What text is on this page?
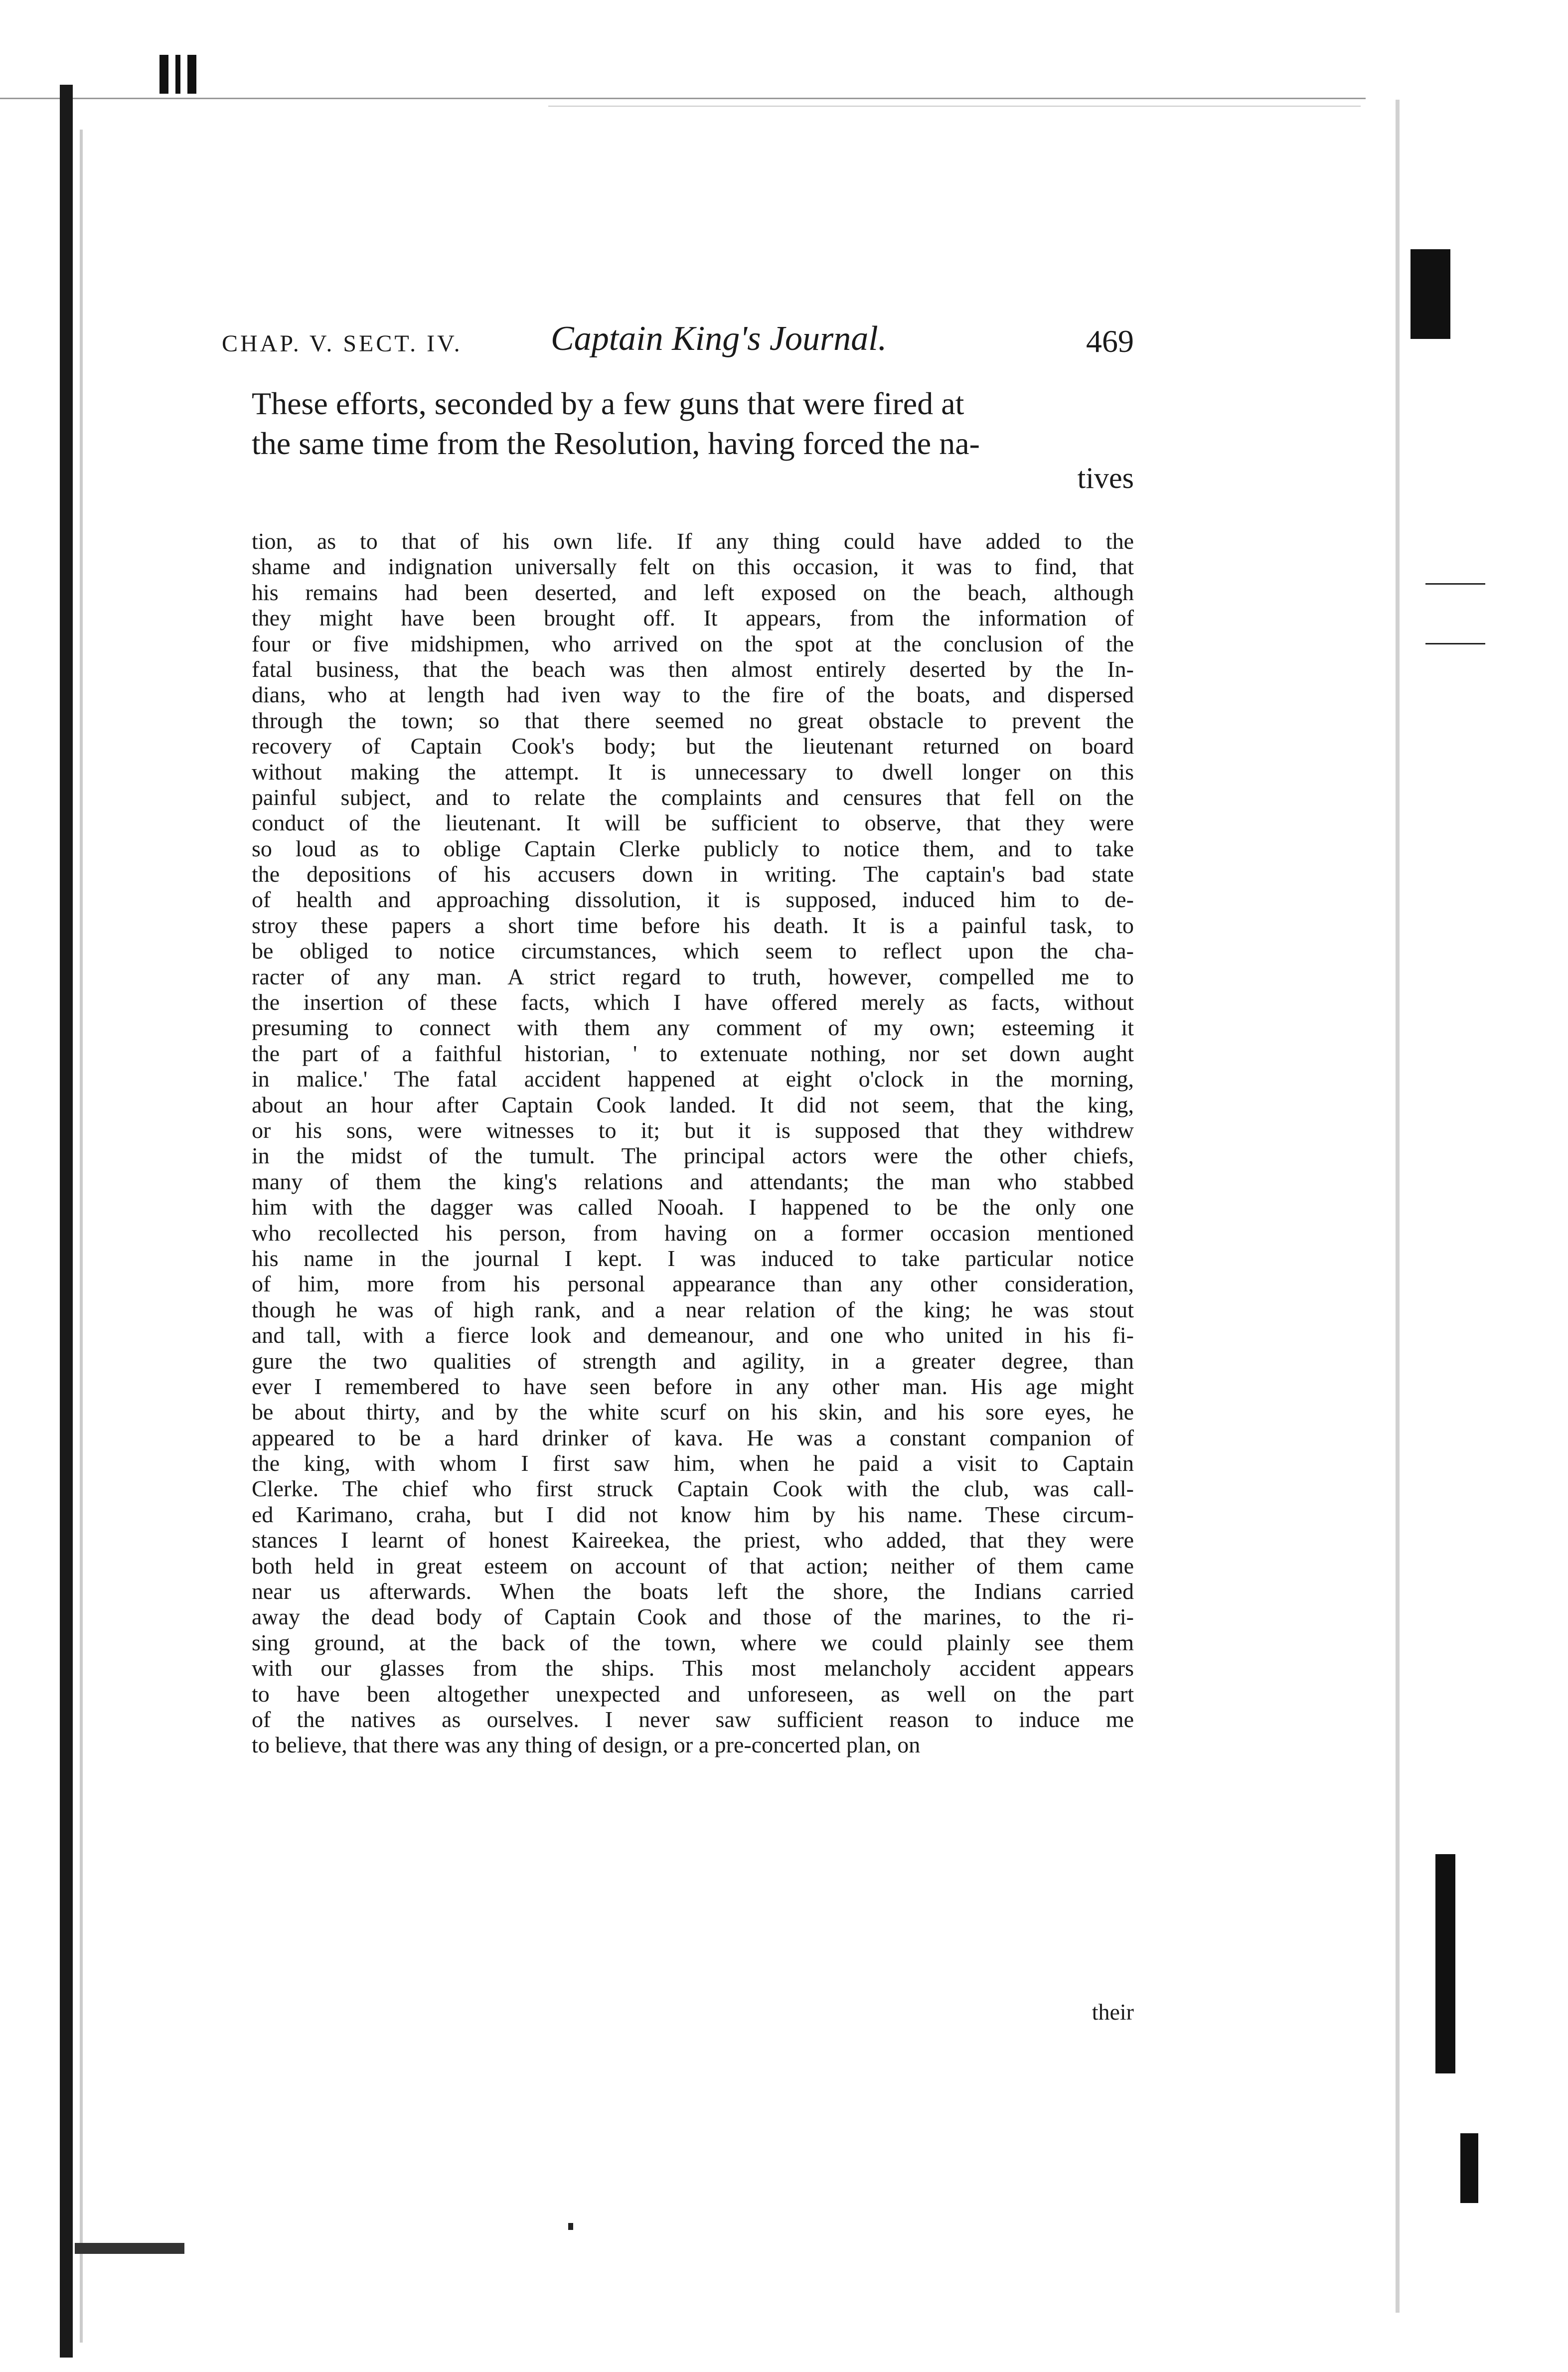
CHAP. V. SECT. IV.	Captain King's Journal.	469

These efforts, seconded by a few guns that were fired at

the same time from the Resolution, having forced the na-

tives
tion, as to that of his own life. If any thing could have added to the
shame and indignation universally felt on this occasion, it was to find, that
his remains had been deserted, and left exposed on the beach, although
they might have been brought off. It appears, from the information of
four or five midshipmen, who arrived on the spot at the conclusion of the
fatal business, that the beach was then almost entirely deserted by the In-
dians, who at length had iven way to the fire of the boats, and dispersed
through the town; so that there seemed no great obstacle to prevent the
recovery of Captain Cook's body; but the lieutenant returned on board
without making the attempt. It is unnecessary to dwell longer on this
painful subject, and to relate the complaints and censures that fell on the
conduct of the lieutenant. It will be sufficient to observe, that they were
so loud as to oblige Captain Clerke publicly to notice them, and to take
the depositions of his accusers down in writing. The captain's bad state
of health and approaching dissolution, it is supposed, induced him to de-
stroy these papers a short time before his death. It is a painful task, to
be obliged to notice circumstances, which seem to reflect upon the cha-
racter of any man. A strict regard to truth, however, compelled me to
the insertion of these facts, which I have offered merely as facts, without
presuming to connect with them any comment of my own; esteeming it
the part of a faithful historian, ' to extenuate nothing, nor set down aught
in malice.' The fatal accident happened at eight o'clock in the morning,
about an hour after Captain Cook landed. It did not seem, that the king,
or his sons, were witnesses to it; but it is supposed that they withdrew
in the midst of the tumult. The principal actors were the other chiefs,
many of them the king's relations and attendants; the man who stabbed
him with the dagger was called Nooah. I happened to be the only one
who recollected his person, from having on a former occasion mentioned
his name in the journal I kept. I was induced to take particular notice
of him, more from his personal appearance than any other consideration,
though he was of high rank, and a near relation of the king; he was stout
and tall, with a fierce look and demeanour, and one who united in his fi-
gure the two qualities of strength and agility, in a greater degree, than
ever I remembered to have seen before in any other man. His age might
be about thirty, and by the white scurf on his skin, and his sore eyes, he
appeared to be a hard drinker of kava. He was a constant companion of
the king, with whom I first saw him, when he paid a visit to Captain
Clerke. The chief who first struck Captain Cook with the club, was call-
ed Karimano, craha, but I did not know him by his name. These circum-
stances I learnt of honest Kaireekea, the priest, who added, that they were
both held in great esteem on account of that action; neither of them came
near us afterwards. When the boats left the shore, the Indians carried
away the dead body of Captain Cook and those of the marines, to the ri-
sing ground, at the back of the town, where we could plainly see them
with our glasses from the ships. This most melancholy accident appears
to have been altogether unexpected and unforeseen, as well on the part
of the natives as ourselves. I never saw sufficient reason to induce me
to believe, that there was any thing of design, or a pre-concerted plan, on
their
